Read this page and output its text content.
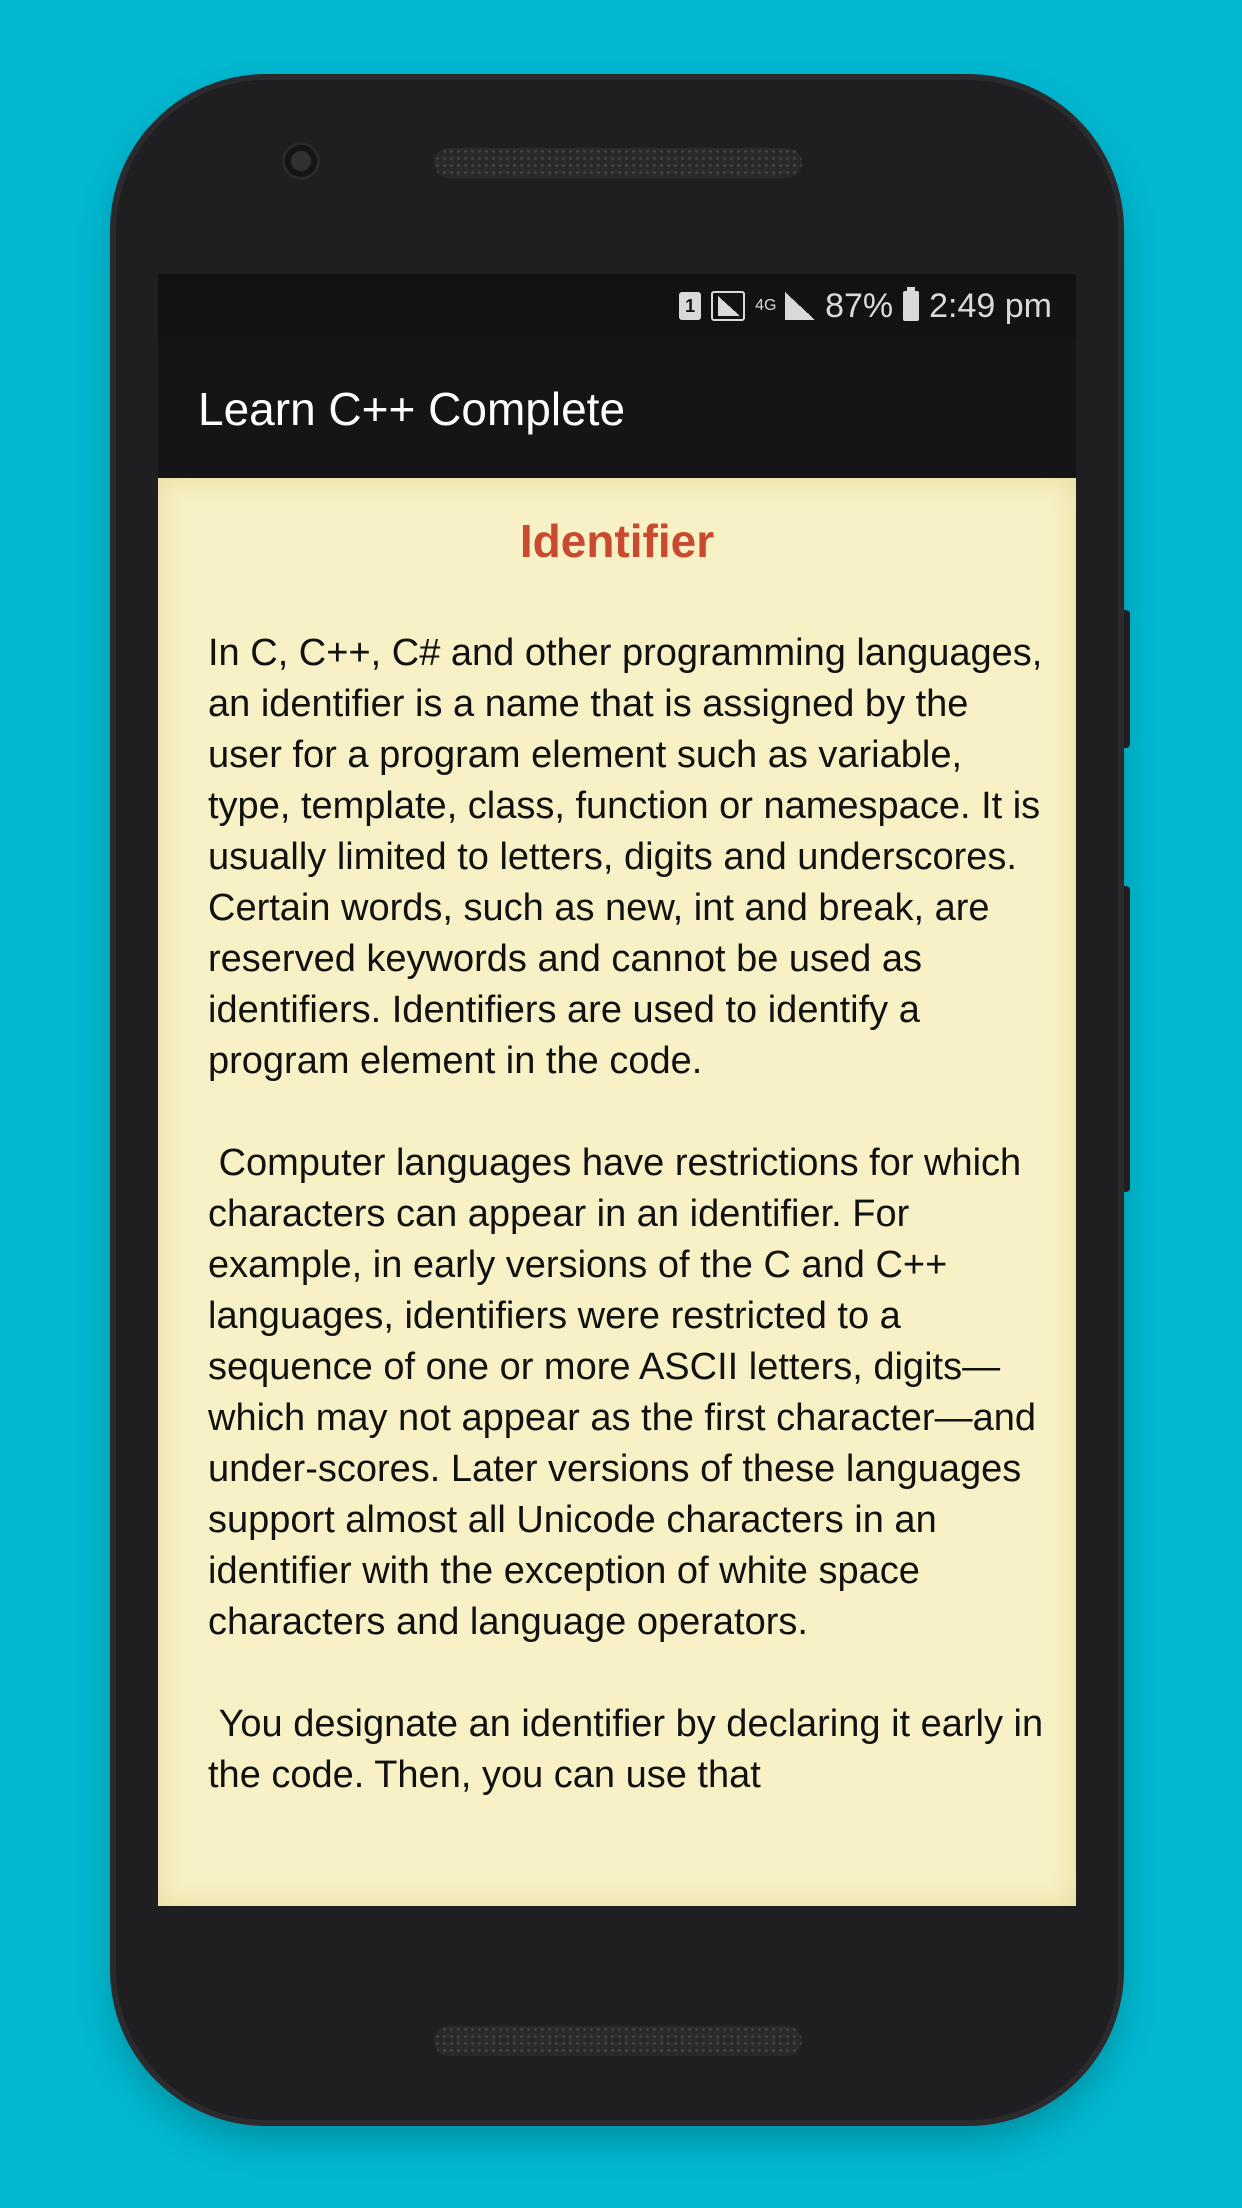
1	4G 87% 2:49 pm
Learn C++ Complete
Identifier

In C, C++, C# and other programming languages, an identifier is a name that is assigned by the user for a program element such as variable, type, template, class, function or namespace. It is usually limited to letters, digits and underscores. Certain words, such as new, int and break, are reserved keywords and cannot be used as identifiers. Identifiers are used to identify a program element in the code.

Computer languages have restrictions for which characters can appear in an identifier. For example, in early versions of the C and C++ languages, identifiers were restricted to a sequence of one or more ASCII letters, digits—which may not appear as the first character—and under-scores. Later versions of these languages support almost all Unicode characters in an identifier with the exception of white space characters and language operators.

You designate an identifier by declaring it early in the code. Then, you can use that
